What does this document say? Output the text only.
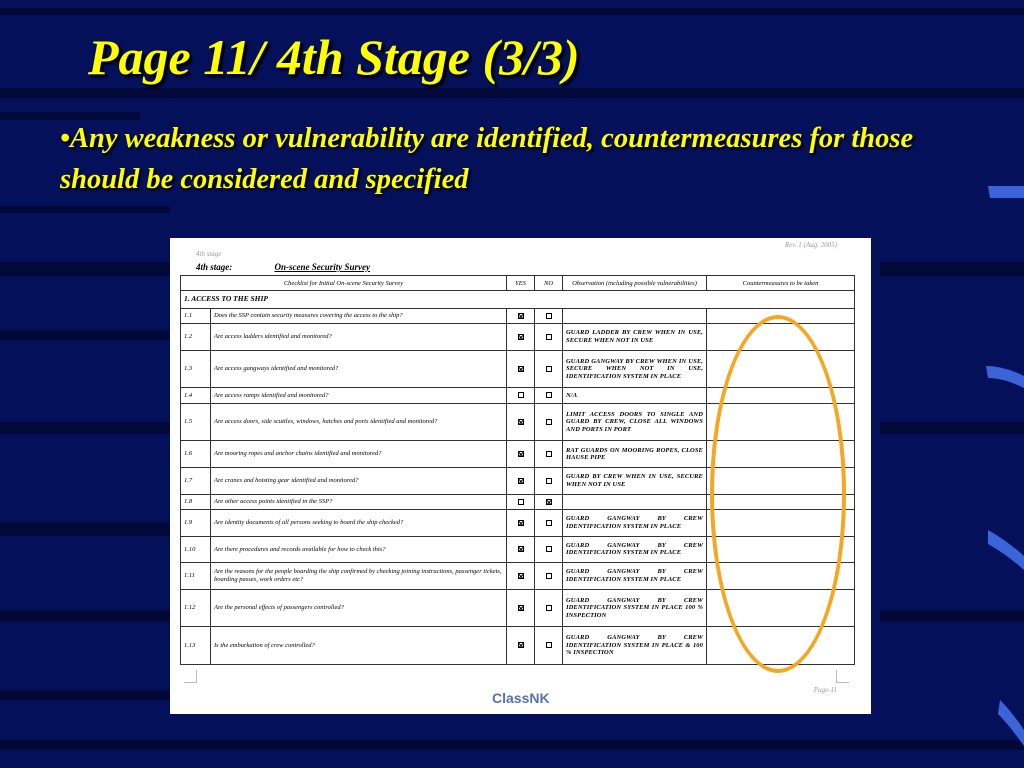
Page 11/ 4th Stage (3/3)

•Any weakness or vulnerability are identified, countermeasures for those should be considered and specified

Rev. 1 (Aug. 2005)
4th stage
4th stage:	On-scene Security Survey
Checklist for Initial On-scene Security Survey		YES	NO	Observation (including possible vulnerabilities)	Countermeasures to be taken
1. ACCESS TO THE SHIP					
1.1	Does the SSP contain security measures covering the access to the ship?				
1.2	Are access ladders identified and monitored?			GUARD LADDER BY CREW WHEN IN USE, SECURE WHEN NOT IN USE	
1.3	Are access gangways identified and monitored?			GUARD GANGWAY BY CREW WHEN IN USE, SECURE WHEN NOT IN USE, IDENTIFICATION SYSTEM IN PLACE	
1.4	Are access ramps identified and monitored?			N/A	
1.5	Are access doors, side scuttles, windows, hatches and ports identified and monitored?			LIMIT ACCESS DOORS TO SINGLE AND GUARD BY CREW, CLOSE ALL WINDOWS AND PORTS IN PORT	
1.6	Are mooring ropes and anchor chains identified and monitored?			RAT GUARDS ON MOORING ROPES, CLOSE HAUSE PIPE	
1.7	Are cranes and hoisting gear identified and monitored?			GUARD BY CREW WHEN IN USE, SECURE WHEN NOT IN USE	
1.8	Are other access points identified in the SSP?				
1.9	Are identity documents of all persons seeking to board the ship checked?			GUARD GANGWAY BY CREW IDENTIFICATION SYSTEM IN PLACE	
1.10	Are there procedures and records available for how to check this?			GUARD GANGWAY BY CREW IDENTIFICATION SYSTEM IN PLACE	
1.11	Are the reasons for the people boarding the ship confirmed by checking joining instructions, passenger tickets, boarding passes, work orders etc?			GUARD GANGWAY BY CREW IDENTIFICATION SYSTEM IN PLACE	
1.12	Are the personal effects of passengers controlled?			GUARD GANGWAY BY CREW IDENTIFICATION SYSTEM IN PLACE 100 % INSPECTION	
1.13	Is the embarkation of crew controlled?			GUARD GANGWAY BY CREW IDENTIFICATION SYSTEM IN PLACE & 100 % INSPECTION	
Page-11
ClassNK
